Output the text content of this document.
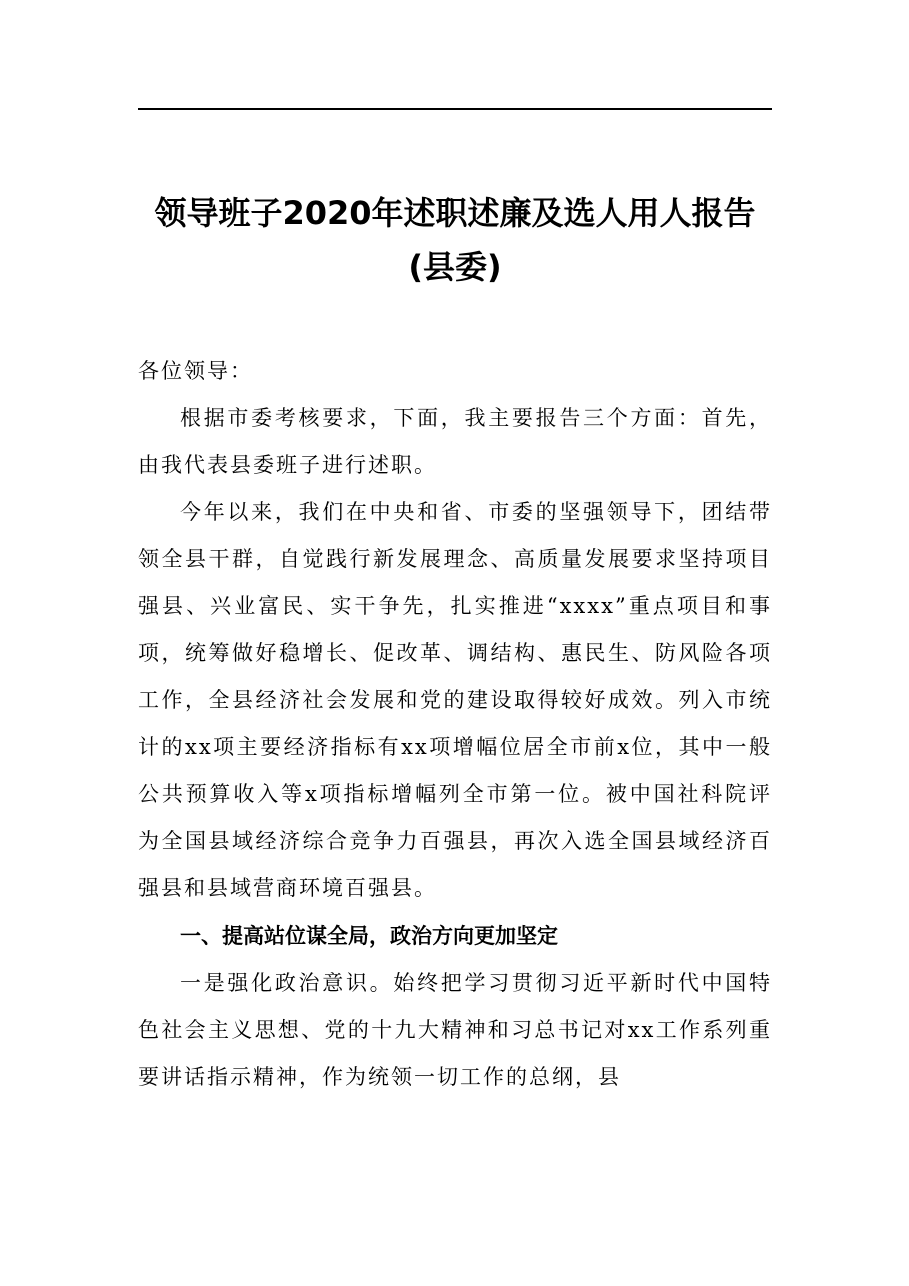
领导班子2020年述职述廉及选人用人报告
(县委)

各位领导：

根据市委考核要求，下面，我主要报告三个方面：首先，由我代表县委班子进行述职。

今年以来，我们在中央和省、市委的坚强领导下，团结带领全县干群，自觉践行新发展理念、高质量发展要求坚持项目强县、兴业富民、实干争先，扎实推进“xxxx”重点项目和事项，统筹做好稳增长、促改革、调结构、惠民生、防风险各项工作，全县经济社会发展和党的建设取得较好成效。列入市统计的xx项主要经济指标有xx项增幅位居全市前x位，其中一般公共预算收入等x项指标增幅列全市第一位。被中国社科院评为全国县域经济综合竞争力百强县，再次入选全国县域经济百强县和县域营商环境百强县。

一、提高站位谋全局，政治方向更加坚定

一是强化政治意识。始终把学习贯彻习近平新时代中国特色社会主义思想、党的十九大精神和习总书记对xx工作系列重要讲话指示精神，作为统领一切工作的总纲，县
